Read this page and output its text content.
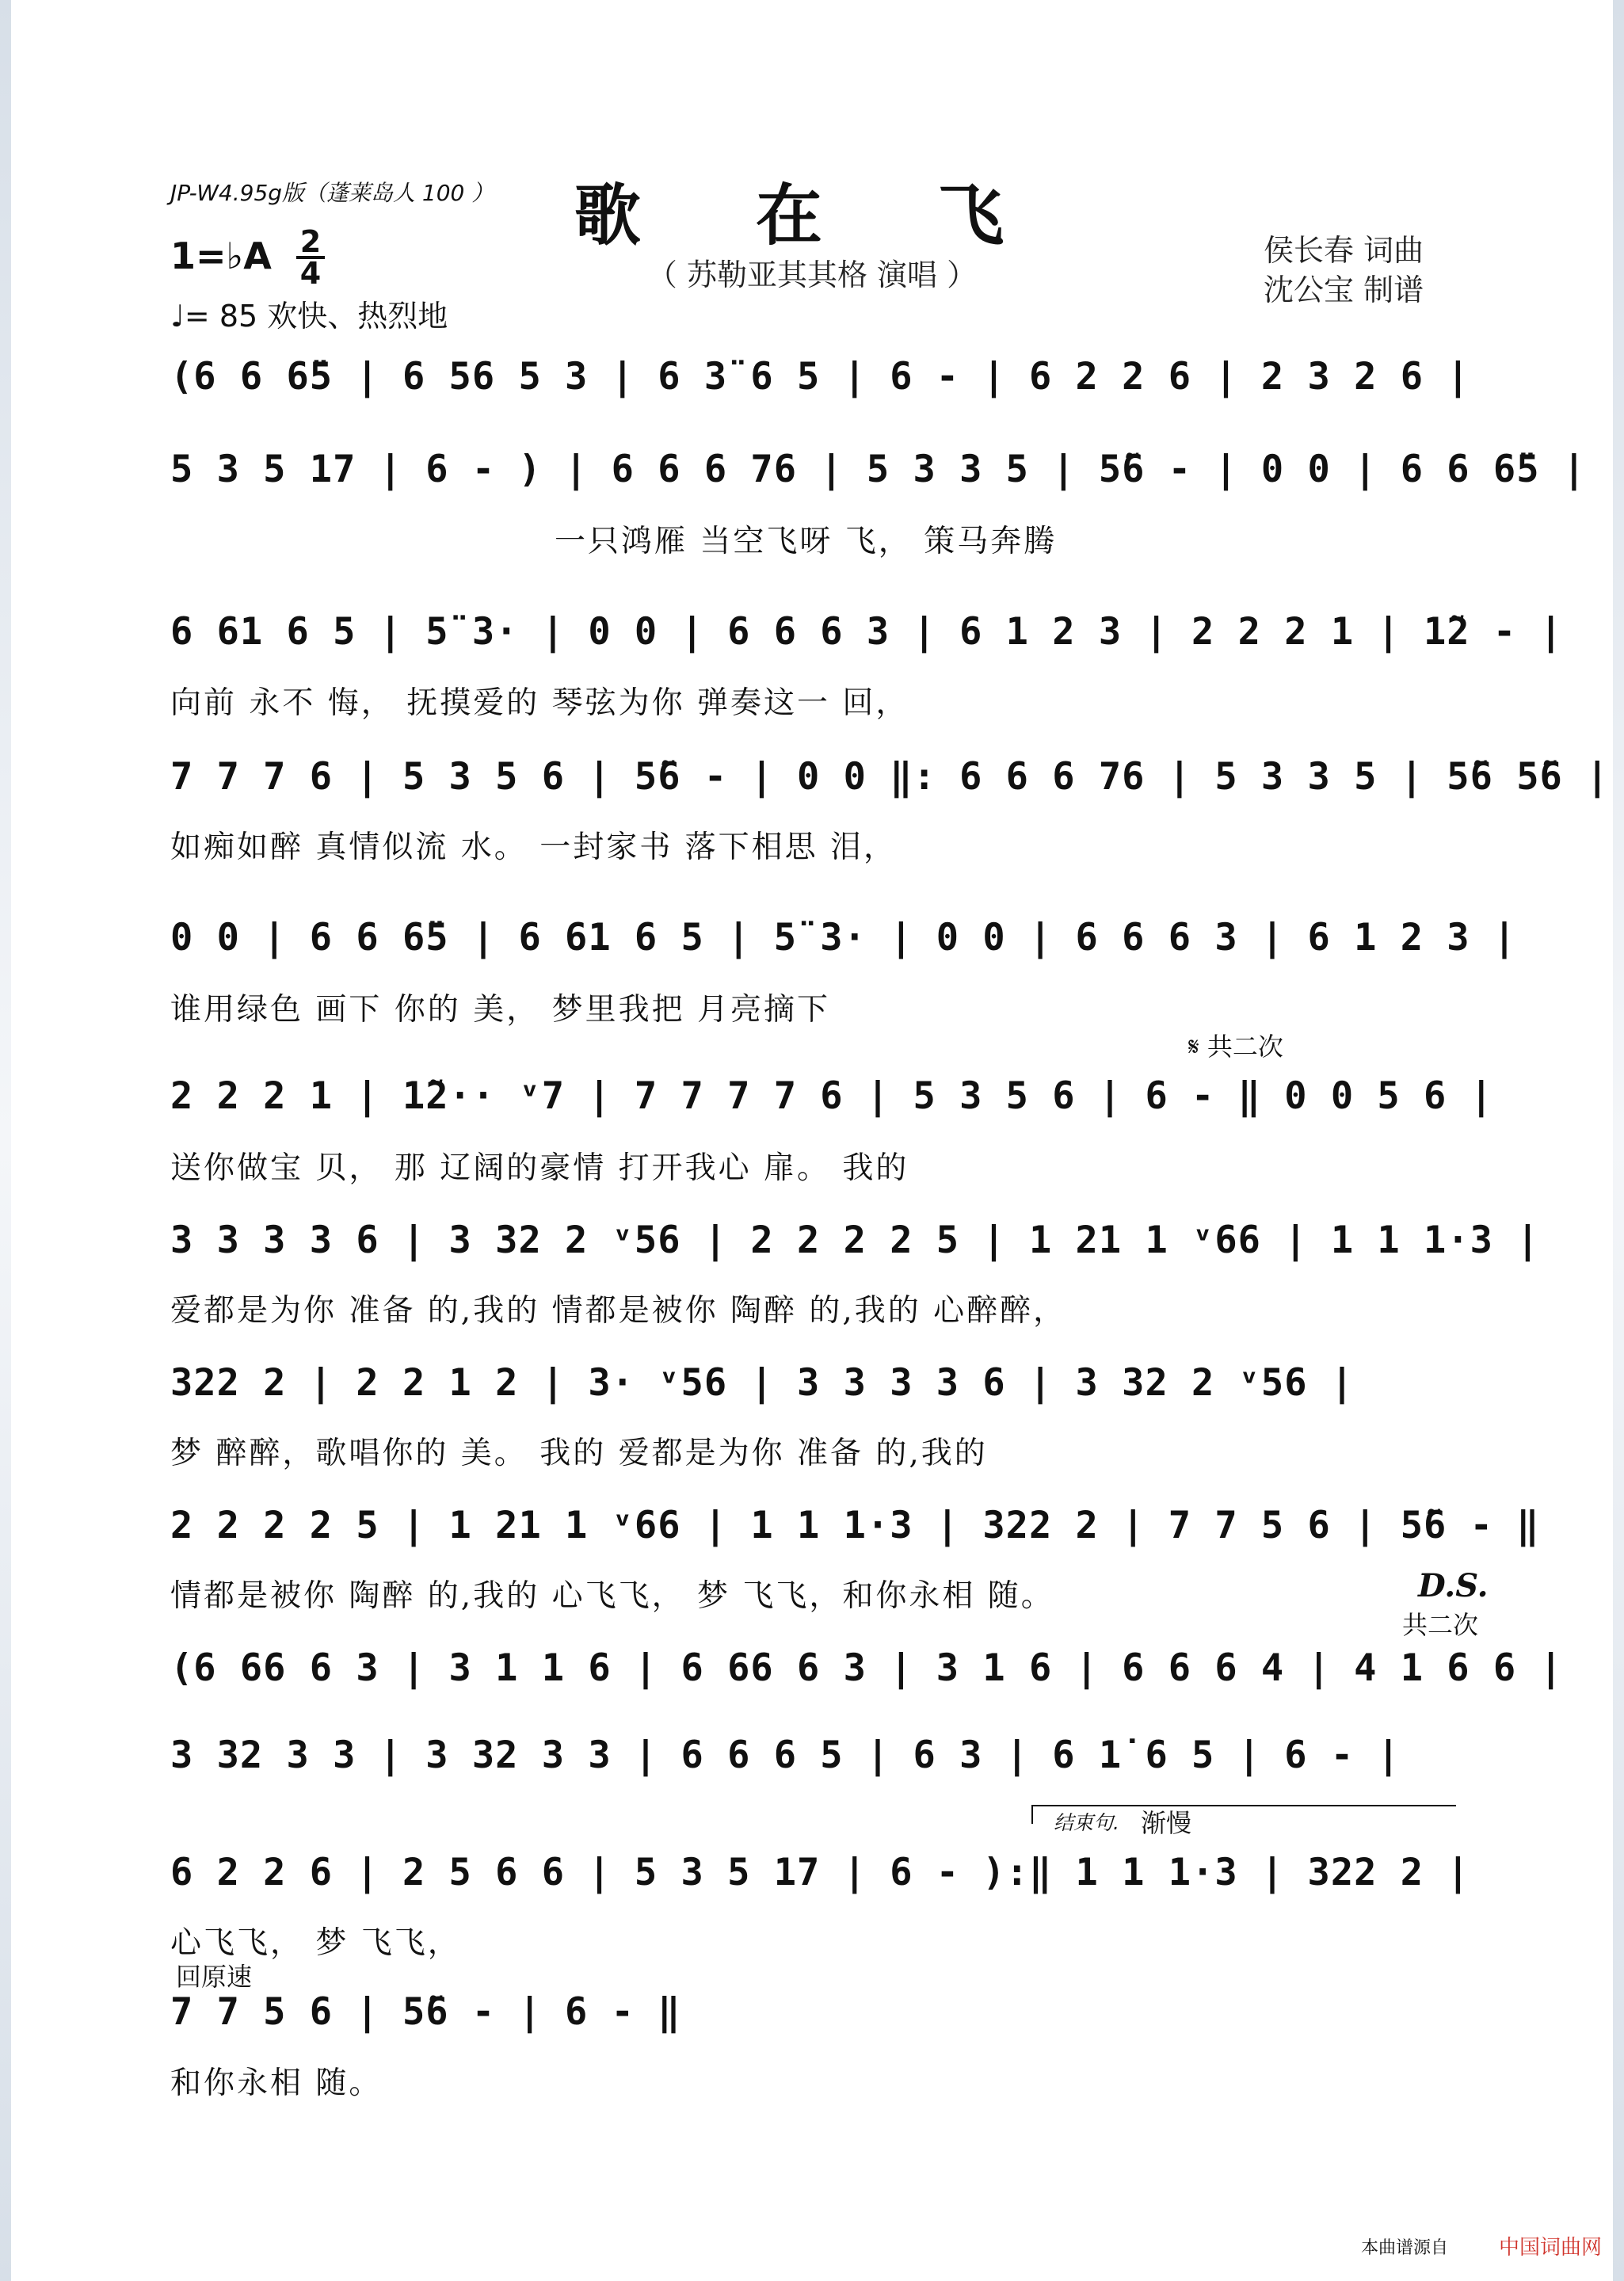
JP-W4.95g版（蓬莱岛人 100 ）	歌 在 飞
（ 苏勒亚其其格 演唱 ）
侯长春 词曲
沈公宝 制谱
1=♭A 2
4
♩= 85 欢快、热烈地
(6 6 6̈5 | 6 56 5 3 | 6 3̈ 6 5 | 6 - | 6 2 2 6 | 2 3 2 6 |
5 3 5 17 | 6 - ) | 6 6 6 76 | 5 3 3 5 | 5̃6 - | 0 0 | 6 6 6̈5 |
一只鸿雁 当空飞呀 飞， 策马奔腾
6 61 6 5 | 5̈ 3· | 0 0 | 6 6 6 3 | 6 1 2 3 | 2 2 2 1 | 1̃2 - |
向前 永不 悔， 抚摸爱的 琴弦为你 弹奏这一 回，
7 7 7 6 | 5 3 5 6 | 5̃6 - | 0 0 ‖: 6 6 6 76 | 5 3 3 5 | 5̃6 5̃6 |
如痴如醉 真情似流 水。 一封家书 落下相思 泪，
0 0 | 6 6 6̈5 | 6 61 6 5 | 5̈ 3· | 0 0 | 6 6 6 3 | 6 1 2 3 |
谁用绿色 画下 你的 美， 梦里我把 月亮摘下
𝄋 共二次
2 2 2 1 | 1̃2·· ᵛ7 | 7 7 7 7 6 | 5 3 5 6 | 6 - ‖ 0 0 5 6 |
送你做宝 贝， 那 辽阔的豪情 打开我心 扉。 我的
3 3 3 3 6 | 3 32 2 ᵛ56 | 2 2 2 2 5 | 1 21 1 ᵛ66 | 1 1 1·3 |
爱都是为你 准备 的,我的 情都是被你 陶醉 的,我的 心醉醉，
322 2 | 2 2 1 2 | 3· ᵛ56 | 3 3 3 3 6 | 3 32 2 ᵛ56 |
梦 醉醉，歌唱你的 美。 我的 爱都是为你 准备 的,我的
2 2 2 2 5 | 1 21 1 ᵛ66 | 1 1 1·3 | 322 2 | 7 7 5 6 | 5̃6 - ‖
情都是被你 陶醉 的,我的 心飞飞， 梦 飞飞，和你永相 随。	D.S.
共二次
(6 66 6 3 | 3 1 1 6 | 6 66 6 3 | 3 1 6 | 6 6 6 4 | 4 1 6 6 |
3 32 3 3 | 3 32 3 3 | 6 6 6 5 | 6 3 | 6 1̇ 6 5 | 6 - |
结束句. 渐慢
6 2 2 6 | 2 5 6 6 | 5 3 5 17 | 6 - ):‖ 1 1 1·3 | 322 2 |
心飞飞， 梦 飞飞，
回原速
7 7 5 6 | 5̃6 - | 6 - ‖
和你永相 随。
本曲谱源自 中国词曲网
